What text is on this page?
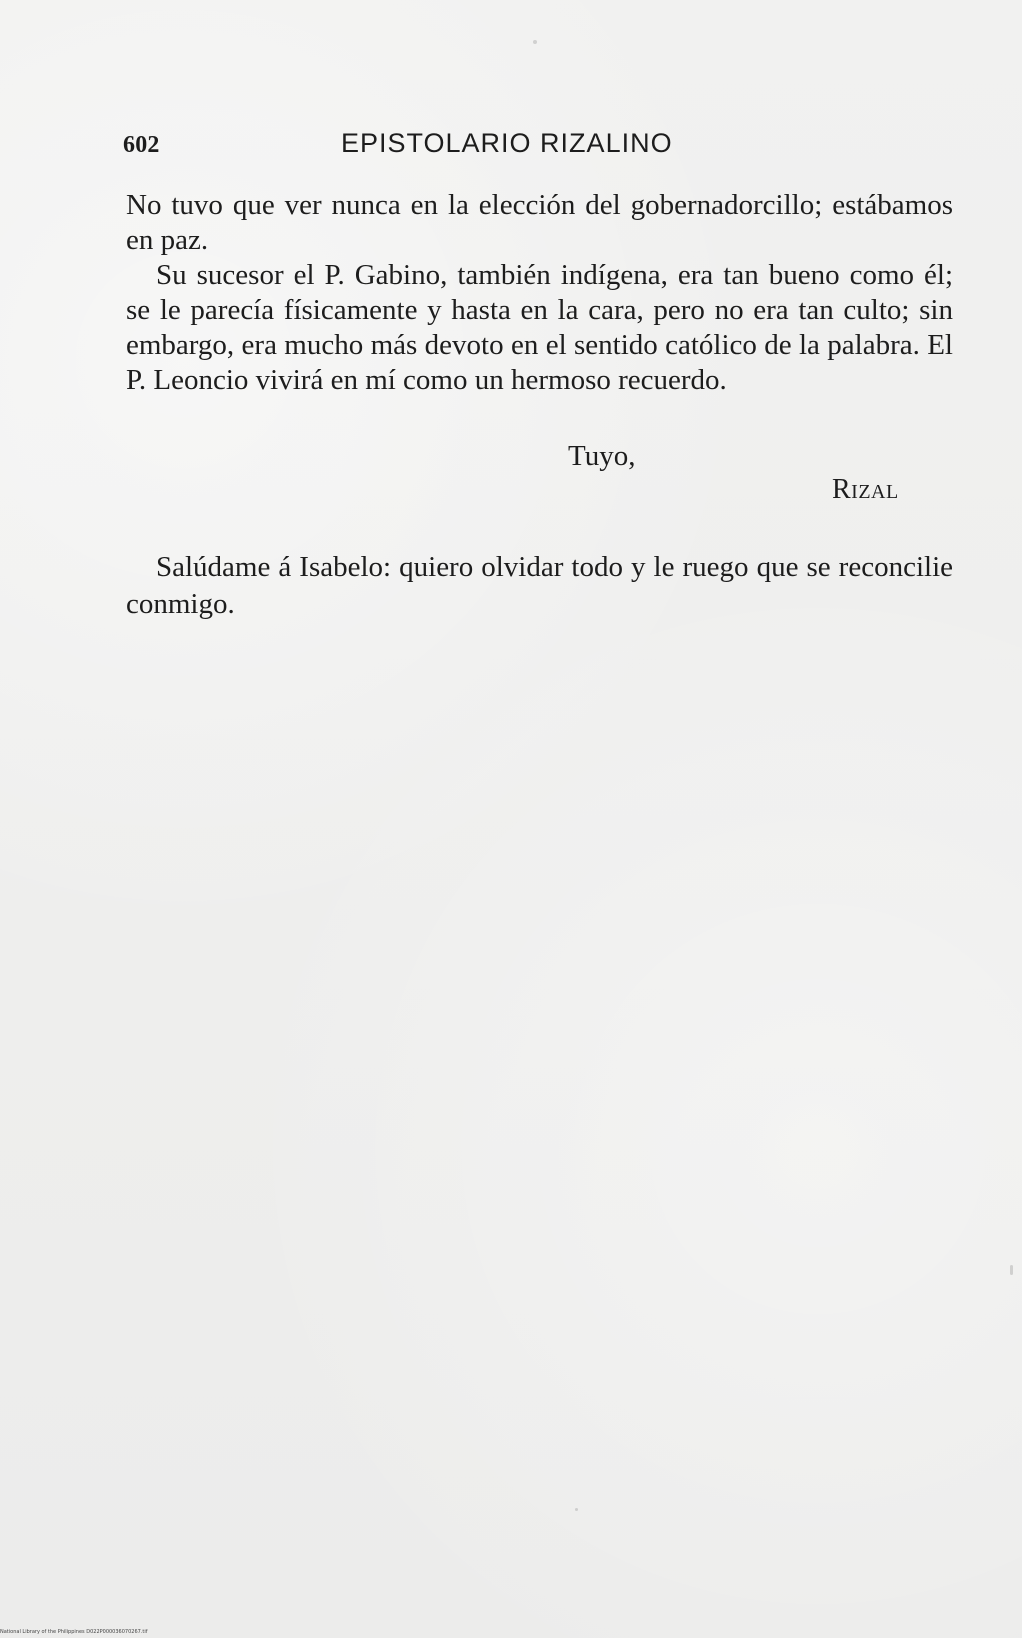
602	EPISTOLARIO RIZALINO

No tuvo que ver nunca en la elección del gobernadorcillo; estábamos en paz.

Su sucesor el P. Gabino, también indígena, era tan bueno como él; se le parecía físicamente y hasta en la cara, pero no era tan culto; sin embargo, era mucho más devoto en el sentido católico de la palabra. El P. Leoncio vivirá en mí como un hermoso recuerdo.

Tuyo,
Rizal

Salúdame á Isabelo: quiero olvidar todo y le ruego que se reconcilie conmigo.

National Library of the Philippines D022P000036070267.tif
